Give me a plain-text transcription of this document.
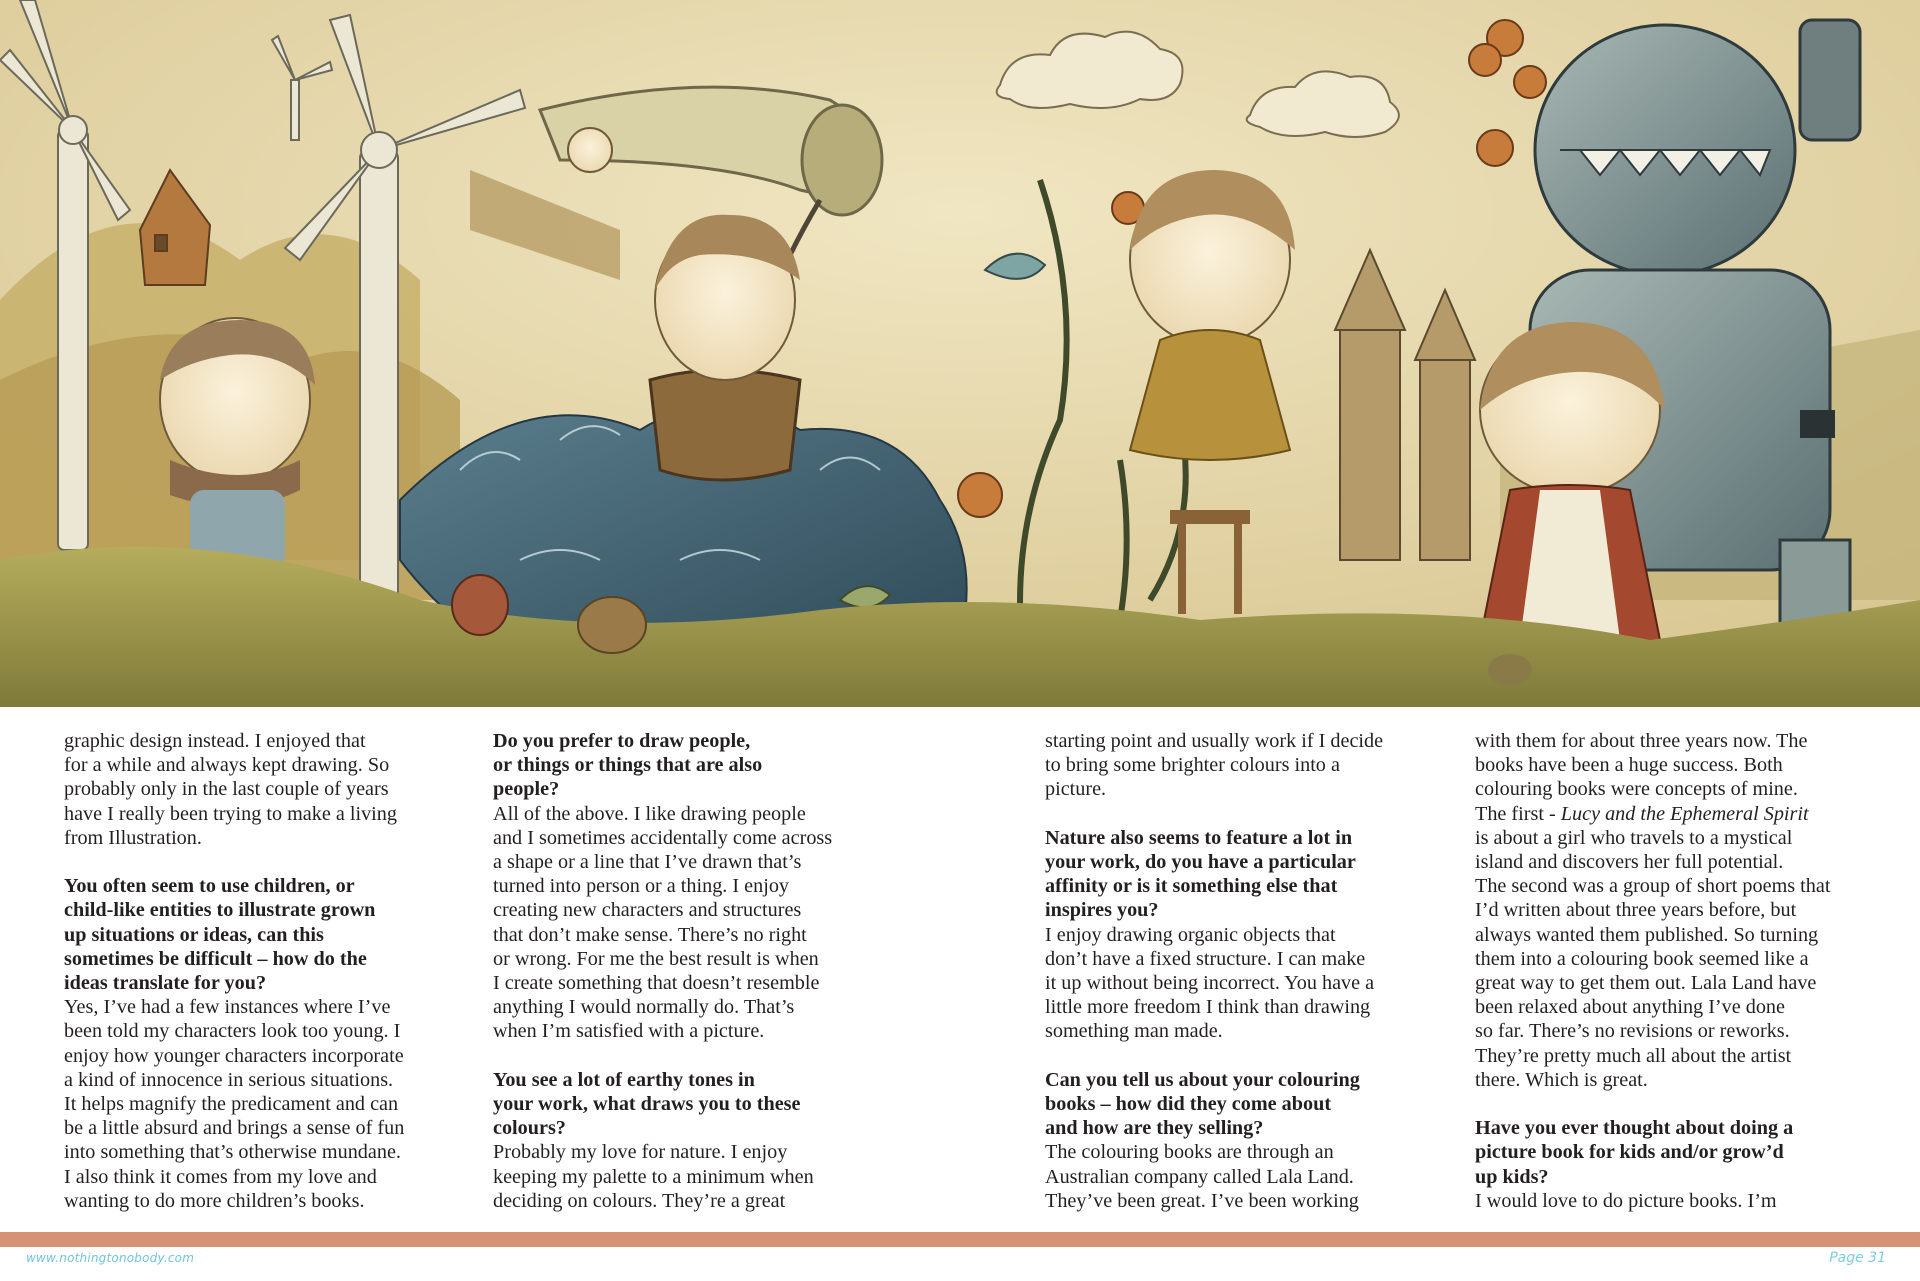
graphic design instead. I enjoyed that
for a while and always kept drawing. So
probably only in the last couple of years
have I really been trying to make a living
from Illustration.

You often seem to use children, or
child-like entities to illustrate grown
up situations or ideas, can this
sometimes be difficult – how do the
ideas translate for you?

Yes, I’ve had a few instances where I’ve
been told my characters look too young. I
enjoy how younger characters incorporate
a kind of innocence in serious situations.
It helps magnify the predicament and can
be a little absurd and brings a sense of fun
into something that’s otherwise mundane.
I also think it comes from my love and
wanting to do more children’s books.

Do you prefer to draw people,
or things or things that are also
people?

All of the above. I like drawing people
and I sometimes accidentally come across
a shape or a line that I’ve drawn that’s
turned into person or a thing. I enjoy
creating new characters and structures
that don’t make sense. There’s no right
or wrong. For me the best result is when
I create something that doesn’t resemble
anything I would normally do. That’s
when I’m satisfied with a picture.

You see a lot of earthy tones in
your work, what draws you to these
colours?

Probably my love for nature. I enjoy
keeping my palette to a minimum when
deciding on colours. They’re a great

starting point and usually work if I decide
to bring some brighter colours into a
picture.

Nature also seems to feature a lot in
your work, do you have a particular
affinity or is it something else that
inspires you?

I enjoy drawing organic objects that
don’t have a fixed structure. I can make
it up without being incorrect. You have a
little more freedom I think than drawing
something man made.

Can you tell us about your colouring
books – how did they come about
and how are they selling?

The colouring books are through an
Australian company called Lala Land.
They’ve been great. I’ve been working

with them for about three years now. The
books have been a huge success. Both
colouring books were concepts of mine.
The first - Lucy and the Ephemeral Spirit
is about a girl who travels to a mystical
island and discovers her full potential.
The second was a group of short poems that
I’d written about three years before, but
always wanted them published. So turning
them into a colouring book seemed like a
great way to get them out. Lala Land have
been relaxed about anything I’ve done
so far. There’s no revisions or reworks.
They’re pretty much all about the artist
there. Which is great.

Have you ever thought about doing a
picture book for kids and/or grow’d
up kids?

I would love to do picture books. I’m

www.nothingtonobody.com	Page 31
